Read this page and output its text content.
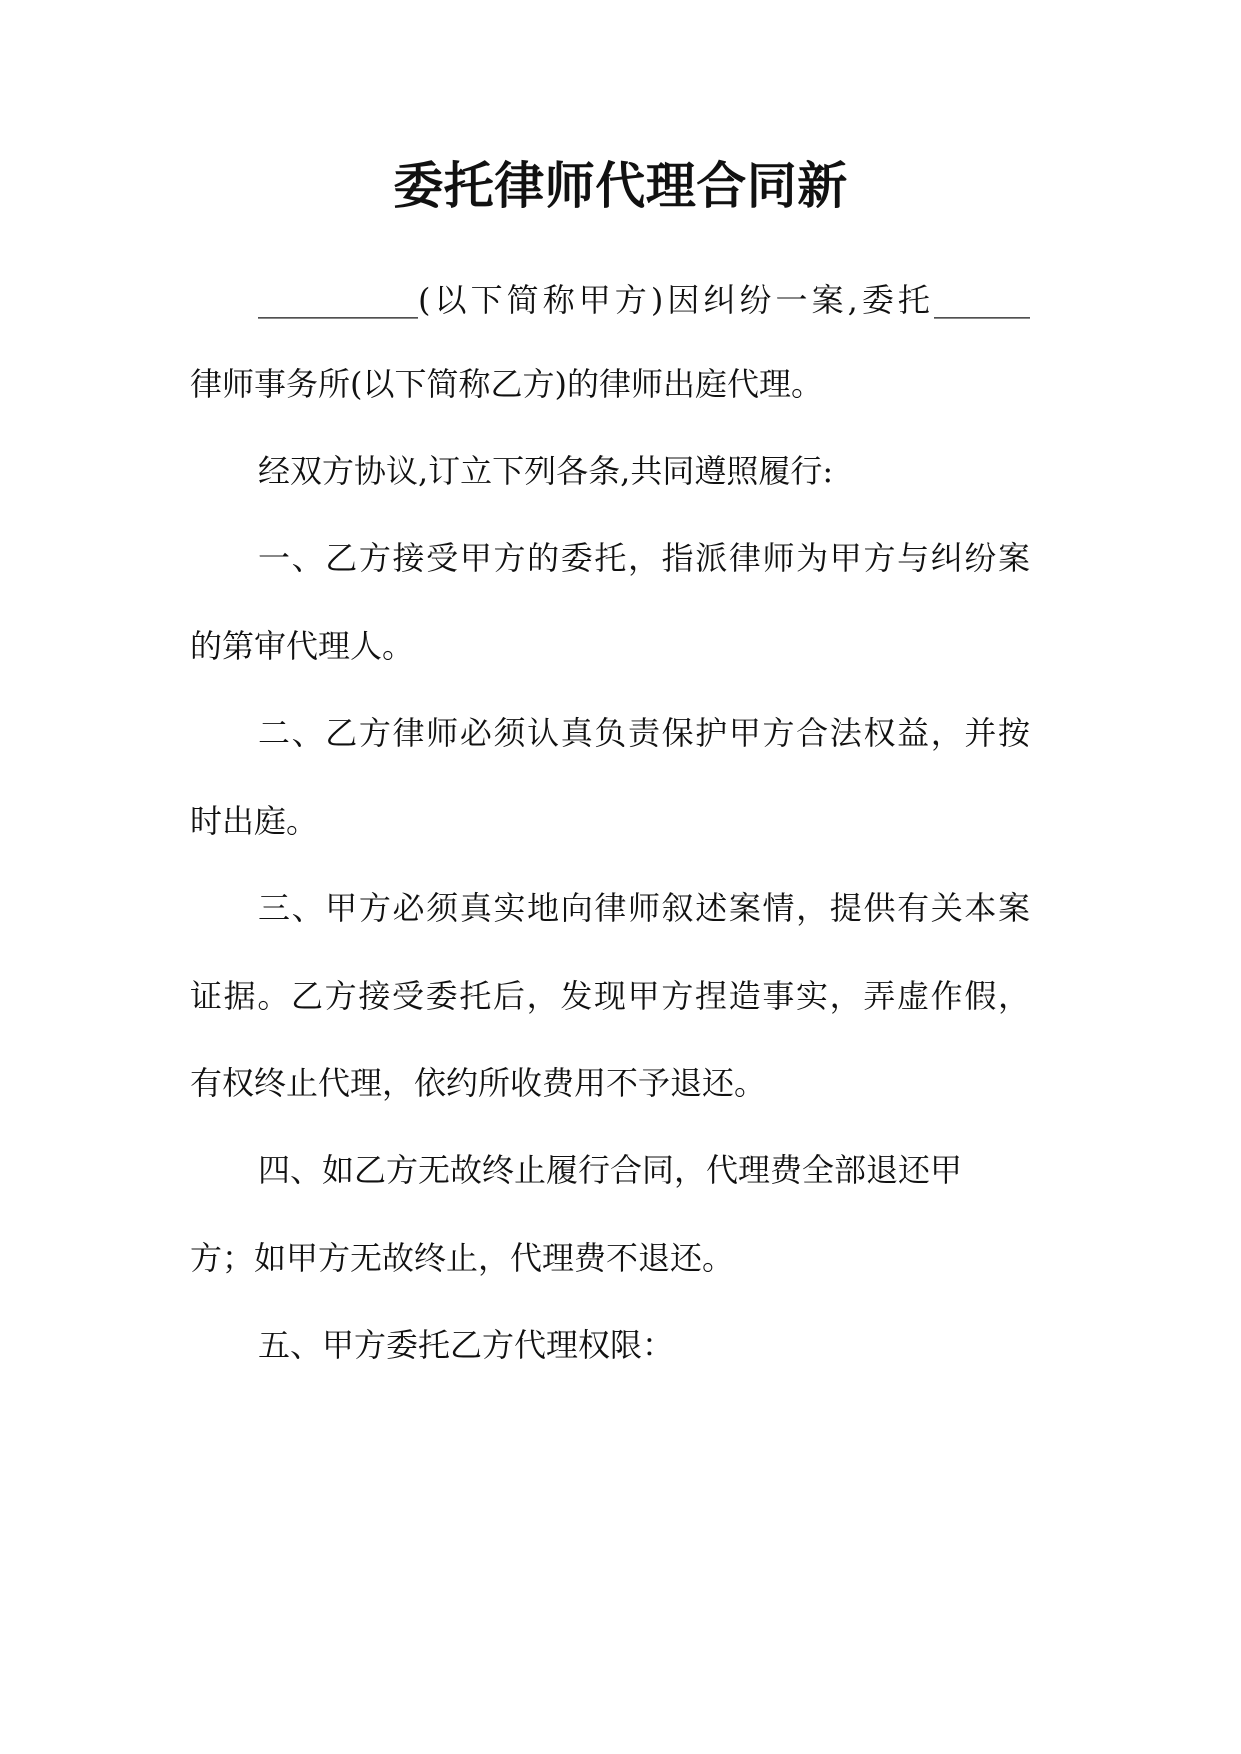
委托律师代理合同新
__________(以下简称甲方)因纠纷一案,委托______
律师事务所(以下简称乙方)的律师出庭代理。
经双方协议,订立下列各条,共同遵照履行:
一、乙方接受甲方的委托，指派律师为甲方与纠纷案
的第审代理人。
二、乙方律师必须认真负责保护甲方合法权益，并按
时出庭。
三、甲方必须真实地向律师叙述案情，提供有关本案
证据。乙方接受委托后，发现甲方捏造事实，弄虚作假，
有权终止代理，依约所收费用不予退还。
四、如乙方无故终止履行合同，代理费全部退还甲
方；如甲方无故终止，代理费不退还。
五、甲方委托乙方代理权限：
